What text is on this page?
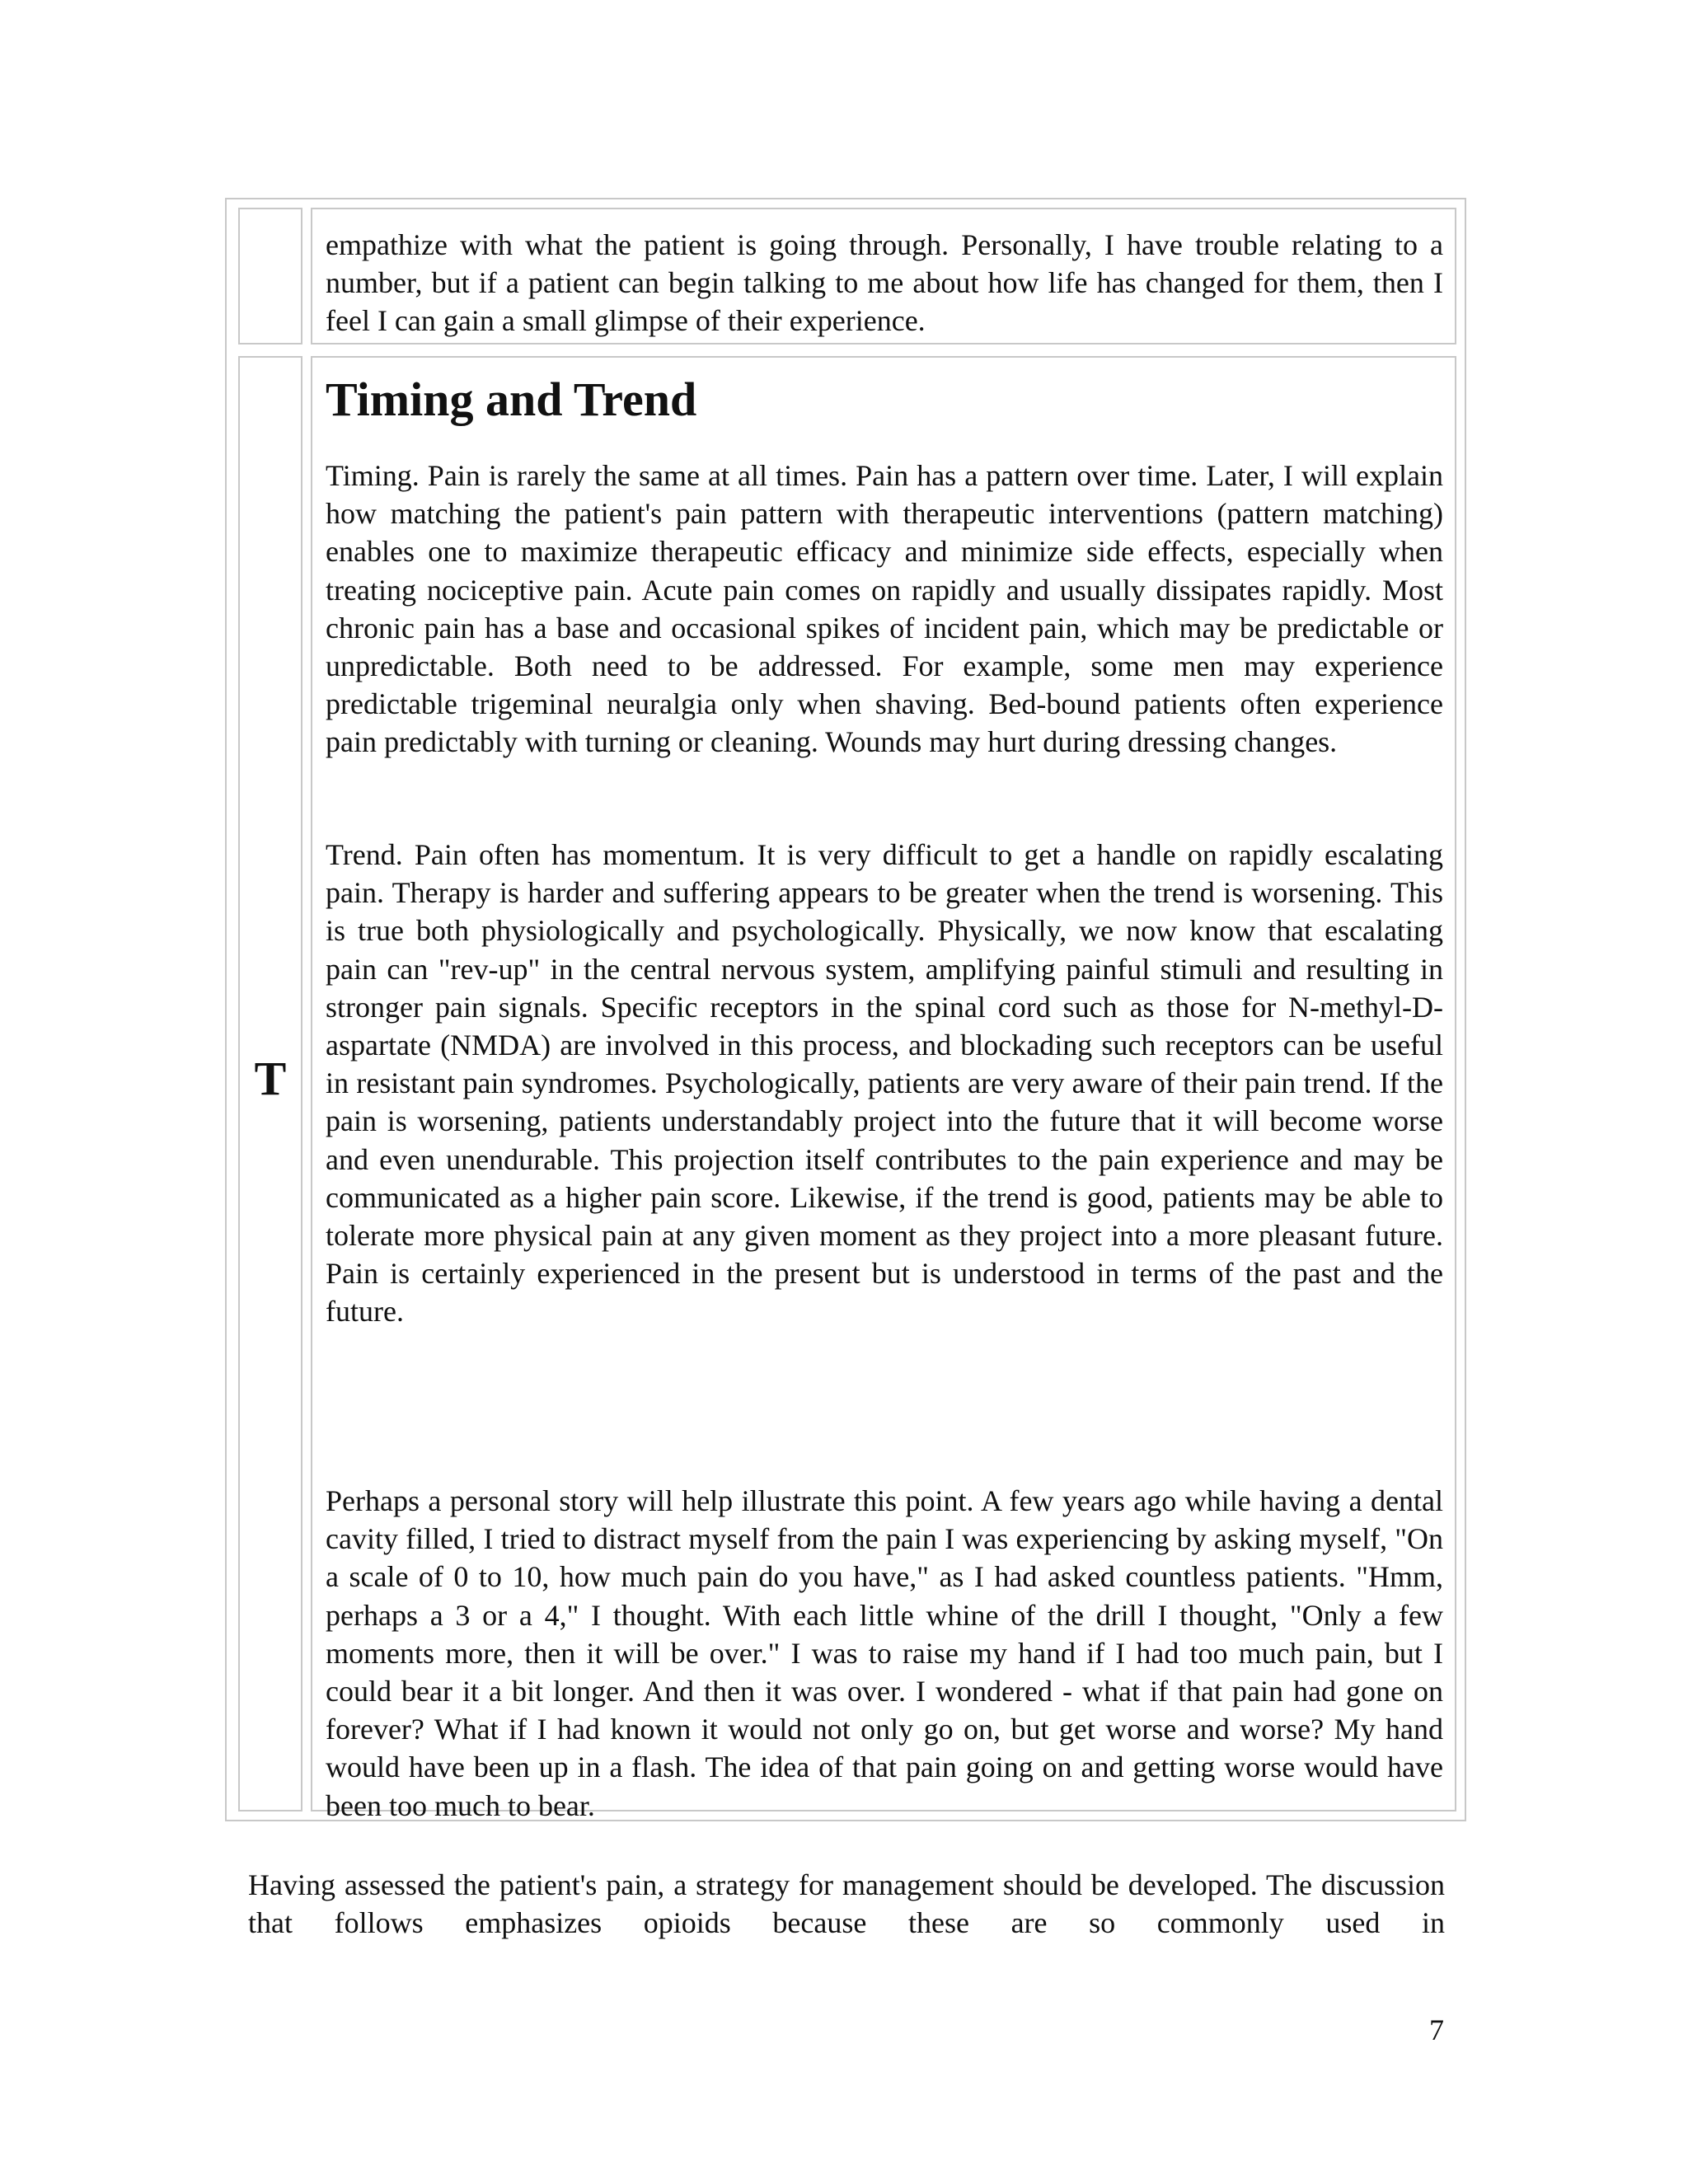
empathize with what the patient is going through. Personally, I have trouble relating to a number, but if a patient can begin talking to me about how life has changed for them, then I feel I can gain a small glimpse of their experience.

T
Timing and Trend

Timing. Pain is rarely the same at all times. Pain has a pattern over time. Later, I will explain how matching the patient's pain pattern with therapeutic interventions (pattern matching) enables one to maximize therapeutic efficacy and minimize side effects, especially when treating nociceptive pain. Acute pain comes on rapidly and usually dissipates rapidly. Most chronic pain has a base and occasional spikes of incident pain, which may be predictable or unpredictable. Both need to be addressed. For example, some men may experience predictable trigeminal neuralgia only when shaving. Bed-bound patients often experience pain predictably with turning or cleaning. Wounds may hurt during dressing changes.

Trend. Pain often has momentum. It is very difficult to get a handle on rapidly escalating pain. Therapy is harder and suffering appears to be greater when the trend is worsening. This is true both physiologically and psychologically. Physically, we now know that escalating pain can "rev-up" in the central nervous system, amplifying painful stimuli and resulting in stronger pain signals. Specific receptors in the spinal cord such as those for N-methyl-D-aspartate (NMDA) are involved in this process, and blockading such receptors can be useful in resistant pain syndromes. Psychologically, patients are very aware of their pain trend. If the pain is worsening, patients understandably project into the future that it will become worse and even unendurable. This projection itself contributes to the pain experience and may be communicated as a higher pain score. Likewise, if the trend is good, patients may be able to tolerate more physical pain at any given moment as they project into a more pleasant future. Pain is certainly experienced in the present but is understood in terms of the past and the future.

Perhaps a personal story will help illustrate this point. A few years ago while having a dental cavity filled, I tried to distract myself from the pain I was experiencing by asking myself, "On a scale of 0 to 10, how much pain do you have," as I had asked countless patients. "Hmm, perhaps a 3 or a 4," I thought. With each little whine of the drill I thought, "Only a few moments more, then it will be over." I was to raise my hand if I had too much pain, but I could bear it a bit longer. And then it was over. I wondered - what if that pain had gone on forever? What if I had known it would not only go on, but get worse and worse? My hand would have been up in a flash. The idea of that pain going on and getting worse would have been too much to bear.

Having assessed the patient's pain, a strategy for management should be developed. The discussion that follows emphasizes opioids because these are so commonly used in

7
